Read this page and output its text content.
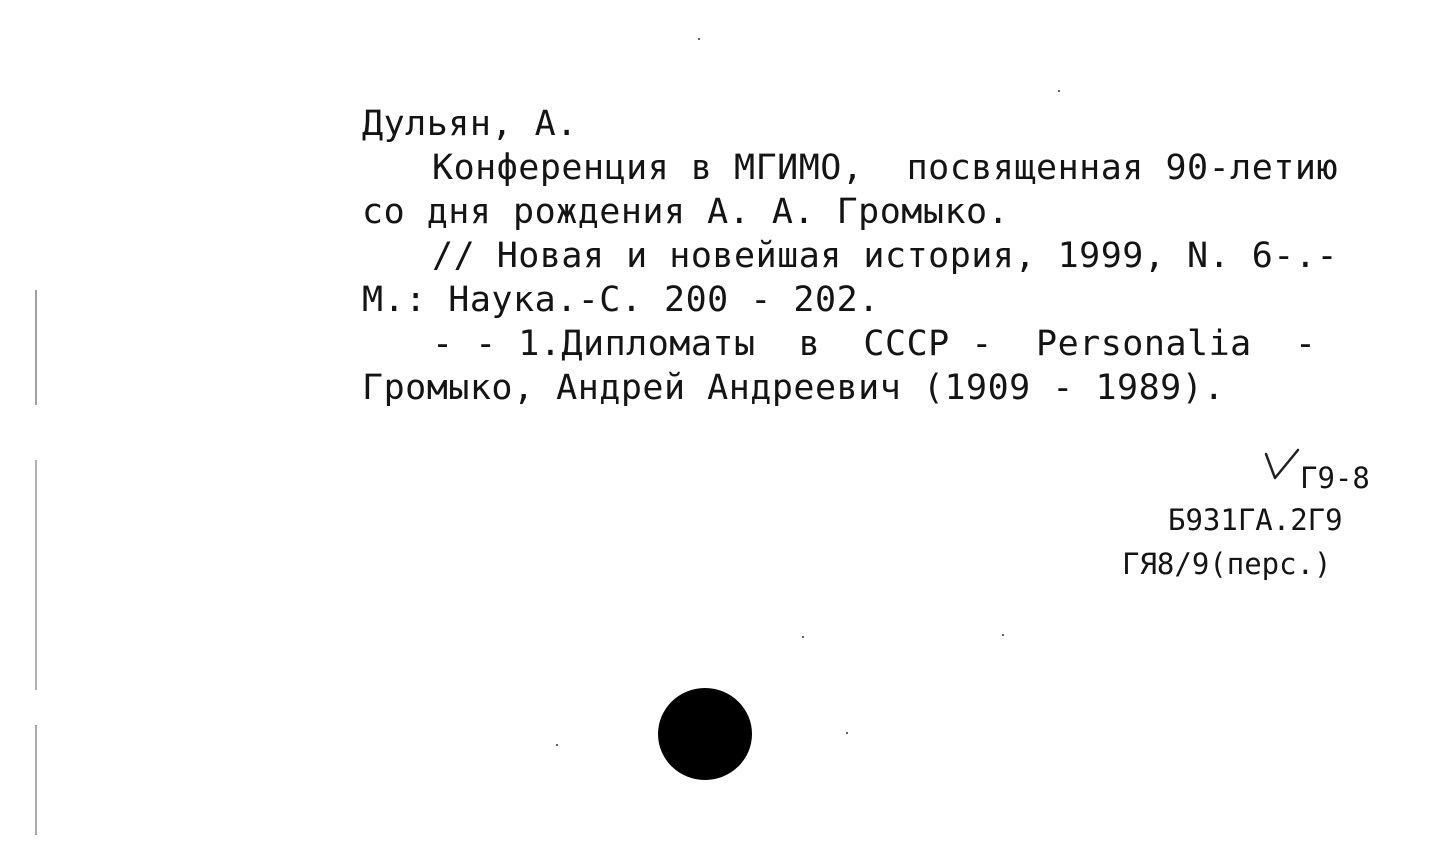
Дульян, А.
Конференция в МГИМО,  посвященная 90-летию
со дня рождения А. А. Громыко.
// Новая и новейшая история, 1999, N. 6-.-
М.: Наука.-С. 200 - 202.
- - 1.Дипломаты  в  СССР -  Personalia  -
Громыко, Андрей Андреевич (1909 - 1989).
Г9-8
Б931ГА.2Г9
ГЯ8/9(перс.)
